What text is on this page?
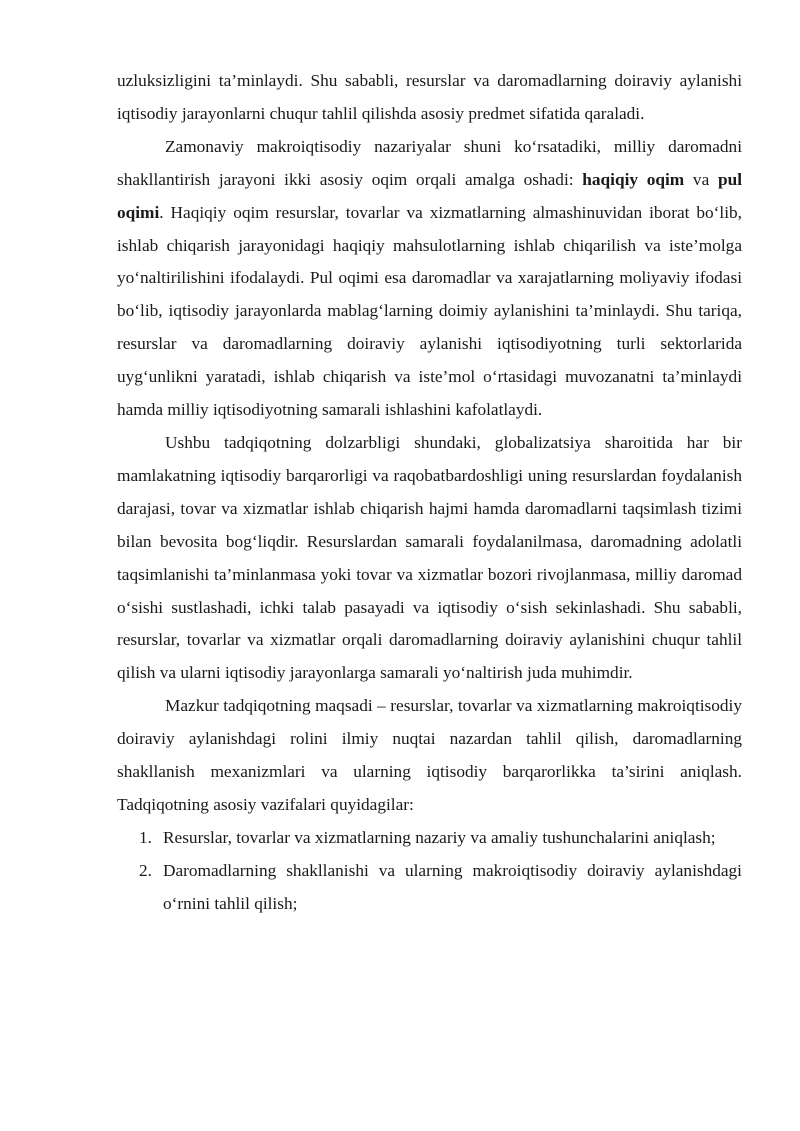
uzluksizligini ta’minlaydi. Shu sababli, resurslar va daromadlarning doiraviy aylanishi iqtisodiy jarayonlarni chuqur tahlil qilishda asosiy predmet sifatida qaraladi.

Zamonaviy makroiqtisodiy nazariyalar shuni ko‘rsatadiki, milliy daromadni shakllantirish jarayoni ikki asosiy oqim orqali amalga oshadi: haqiqiy oqim va pul oqimi. Haqiqiy oqim resurslar, tovarlar va xizmatlarning almashinuvidan iborat bo‘lib, ishlab chiqarish jarayonidagi haqiqiy mahsulotlarning ishlab chiqarilish va iste’molga yo‘naltirilishini ifodalaydi. Pul oqimi esa daromadlar va xarajatlarning moliyaviy ifodasi bo‘lib, iqtisodiy jarayonlarda mablag‘larning doimiy aylanishini ta’minlaydi. Shu tariqa, resurslar va daromadlarning doiraviy aylanishi iqtisodiyotning turli sektorlarida uyg‘unlikni yaratadi, ishlab chiqarish va iste’mol o‘rtasidagi muvozanatni ta’minlaydi hamda milliy iqtisodiyotning samarali ishlashini kafolatlaydi.

Ushbu tadqiqotning dolzarbligi shundaki, globalizatsiya sharoitida har bir mamlakatning iqtisodiy barqarorligi va raqobatbardoshligi uning resurslardan foydalanish darajasi, tovar va xizmatlar ishlab chiqarish hajmi hamda daromadlarni taqsimlash tizimi bilan bevosita bog‘liqdir. Resurslardan samarali foydalanilmasa, daromadning adolatli taqsimlanishi ta’minlanmasa yoki tovar va xizmatlar bozori rivojlanmasa, milliy daromad o‘sishi sustlashadi, ichki talab pasayadi va iqtisodiy o‘sish sekinlashadi. Shu sababli, resurslar, tovarlar va xizmatlar orqali daromadlarning doiraviy aylanishini chuqur tahlil qilish va ularni iqtisodiy jarayonlarga samarali yo‘naltirish juda muhimdir.

Mazkur tadqiqotning maqsadi – resurslar, tovarlar va xizmatlarning makroiqtisodiy doiraviy aylanishdagi rolini ilmiy nuqtai nazardan tahlil qilish, daromadlarning shakllanish mexanizmlari va ularning iqtisodiy barqarorlikka ta’sirini aniqlash. Tadqiqotning asosiy vazifalari quyidagilar:

1. Resurslar, tovarlar va xizmatlarning nazariy va amaliy tushunchalarini aniqlash;
2. Daromadlarning shakllanishi va ularning makroiqtisodiy doiraviy aylanishdagi o‘rnini tahlil qilish;
